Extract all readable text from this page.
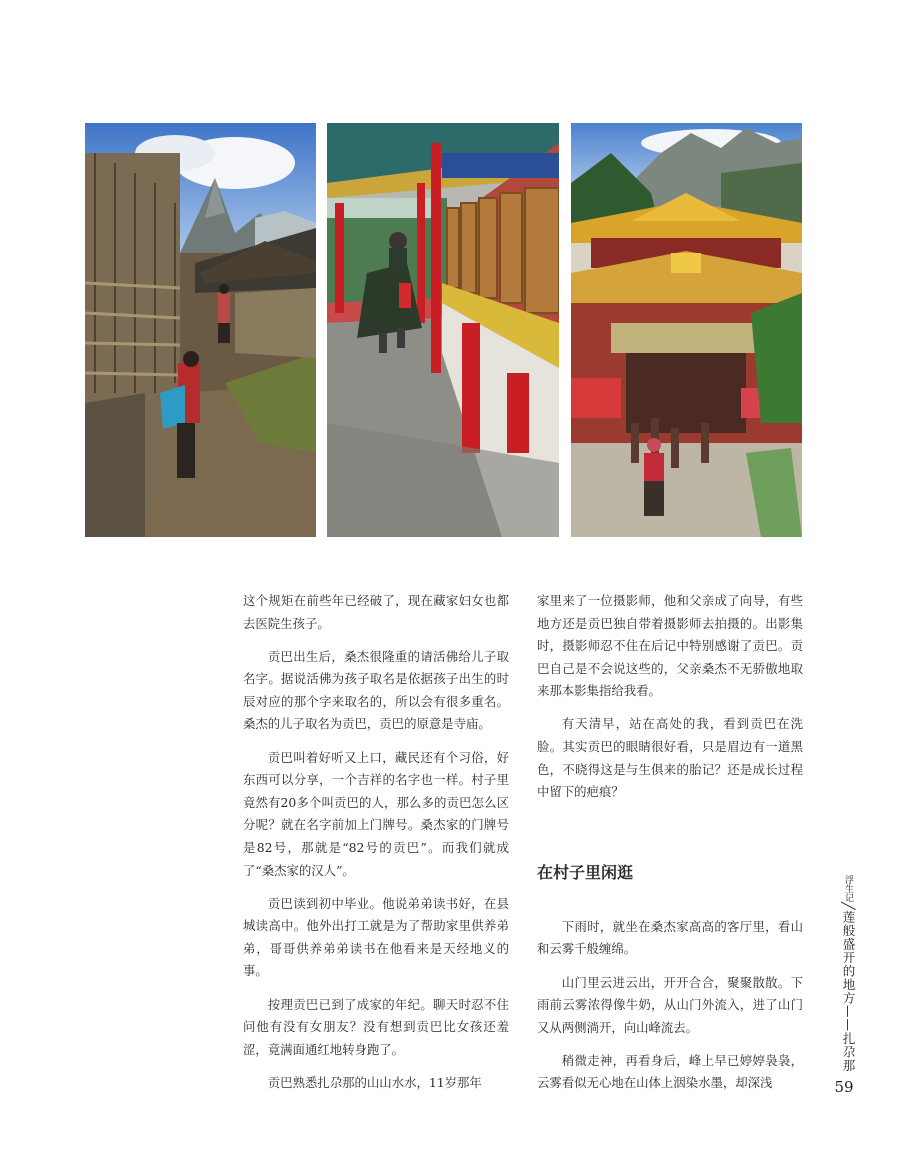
这个规矩在前些年已经破了，现在藏家妇女也都去医院生孩子。

贡巴出生后，桑杰很隆重的请活佛给儿子取名字。据说活佛为孩子取名是依据孩子出生的时辰对应的那个字来取名的，所以会有很多重名。桑杰的儿子取名为贡巴，贡巴的原意是寺庙。

贡巴叫着好听又上口，藏民还有个习俗，好东西可以分享，一个吉祥的名字也一样。村子里竟然有20多个叫贡巴的人，那么多的贡巴怎么区分呢？就在名字前加上门牌号。桑杰家的门牌号是82号，那就是“82号的贡巴”。而我们就成了“桑杰家的汉人”。

贡巴读到初中毕业。他说弟弟读书好，在县城读高中。他外出打工就是为了帮助家里供养弟弟，哥哥供养弟弟读书在他看来是天经地义的事。

按理贡巴已到了成家的年纪。聊天时忍不住问他有没有女朋友？没有想到贡巴比女孩还羞涩，竟满面通红地转身跑了。

贡巴熟悉扎尕那的山山水水，11岁那年

家里来了一位摄影师，他和父亲成了向导，有些地方还是贡巴独自带着摄影师去拍摄的。出影集时，摄影师忍不住在后记中特别感谢了贡巴。贡巴自己是不会说这些的，父亲桑杰不无骄傲地取来那本影集指给我看。

有天清早，站在高处的我，看到贡巴在洗脸。其实贡巴的眼睛很好看，只是眉边有一道黑色，不晓得这是与生俱来的胎记？还是成长过程中留下的疤痕？

在村子里闲逛

下雨时，就坐在桑杰家高高的客厅里，看山和云雾千般缠绵。

山门里云进云出，开开合合，聚聚散散。下雨前云雾浓得像牛奶，从山门外流入，进了山门又从两侧淌开，向山峰流去。

稍微走神，再看身后，峰上早已婷婷袅袅，云雾看似无心地在山体上洇染水墨，却深浅

浮生记╱莲般盛开的地方——扎尕那
59
